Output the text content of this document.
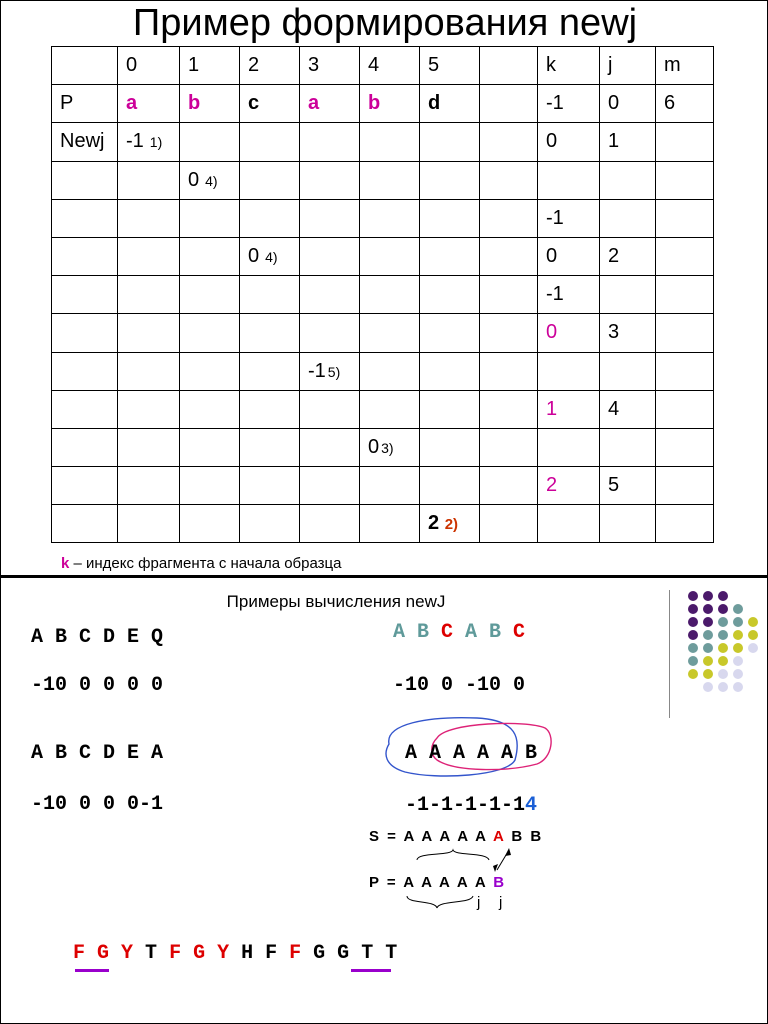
Пример формирования newj
	0	1	2	3	4	5		k	j	m
P	a	b	c	a	b	d		-1	0	6
Newj	-1 1)							0	1	
		0 4)								
								-1		
			0 4)					0	2	
								-1		
								0	3	
				-1 5)						
								1	4	
					0 3)					
								2	5	
						2 2)				
k – индекс фрагмента с начала образца
Примеры вычисления newJ
A B C D E Q
-10 0 0 0 0
A B C A B C
-10 0 -10 0
A B C D E A
-10 0 0 0-1
A A A A A B
-1-1-1-1-14
S = A A A A A A B B
P = A A A A A B
j j
F G Y T F G Y H F F G G T T
